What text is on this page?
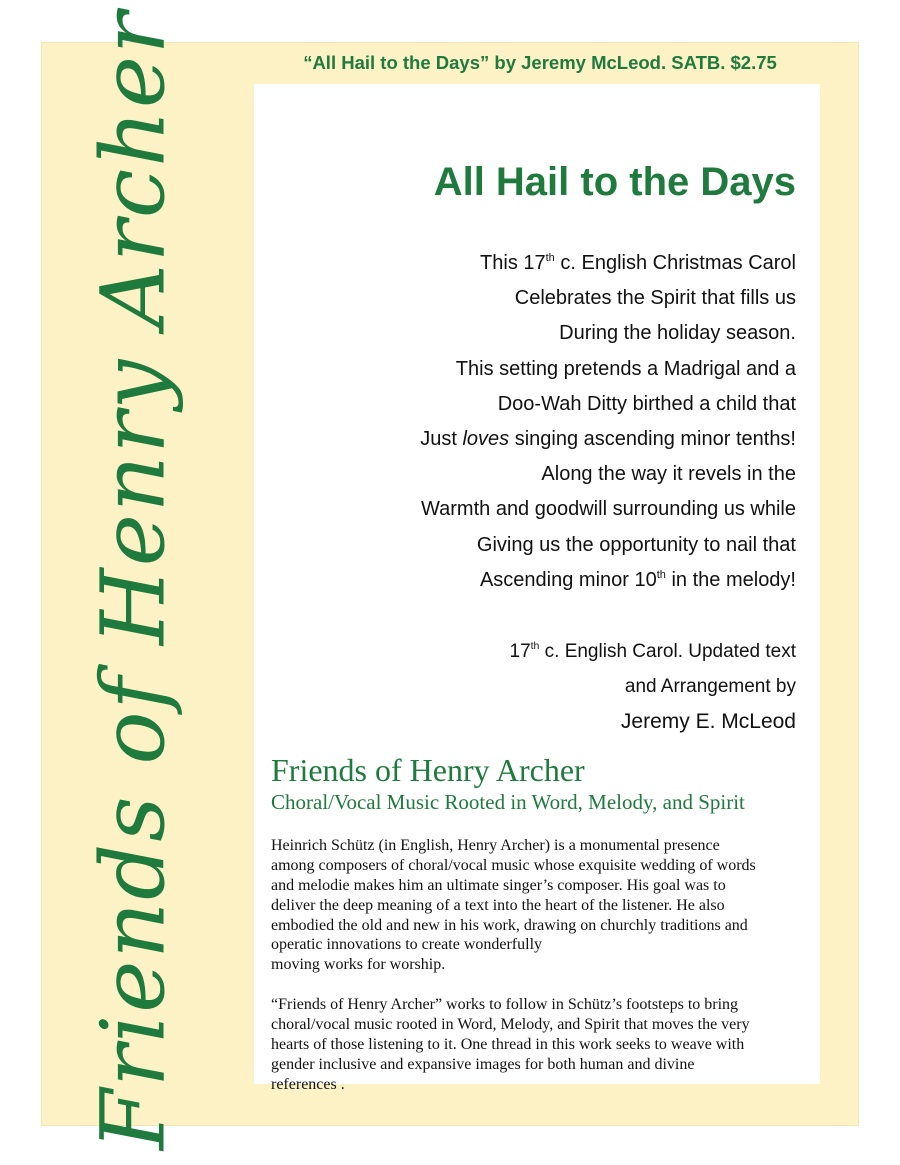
“All Hail to the Days” by Jeremy McLeod. SATB. $2.75
Friends of Henry Archer	All Hail to the Days
This 17th c. English Christmas Carol
Celebrates the Spirit that fills us
During the holiday season.
This setting pretends a Madrigal and a
Doo-Wah Ditty birthed a child that
Just loves singing ascending minor tenths!
Along the way it revels in the
Warmth and goodwill surrounding us while
Giving us the opportunity to nail that
Ascending minor 10th in the melody!
17th c. English Carol. Updated text
and Arrangement by
Jeremy E. McLeod
Friends of Henry Archer
Choral/Vocal Music Rooted in Word, Melody, and Spirit
Heinrich Schütz (in English, Henry Archer) is a monumental presence
among composers of choral/vocal music whose exquisite wedding of words
and melodie makes him an ultimate singer’s composer. His goal was to
deliver the deep meaning of a text into the heart of the listener. He also
embodied the old and new in his work, drawing on churchly traditions and
operatic innovations to create wonderfully
moving works for worship.
“Friends of Henry Archer” works to follow in Schütz’s footsteps to bring
choral/vocal music rooted in Word, Melody, and Spirit that moves the very
hearts of those listening to it. One thread in this work seeks to weave with
gender inclusive and expansive images for both human and divine
references .
